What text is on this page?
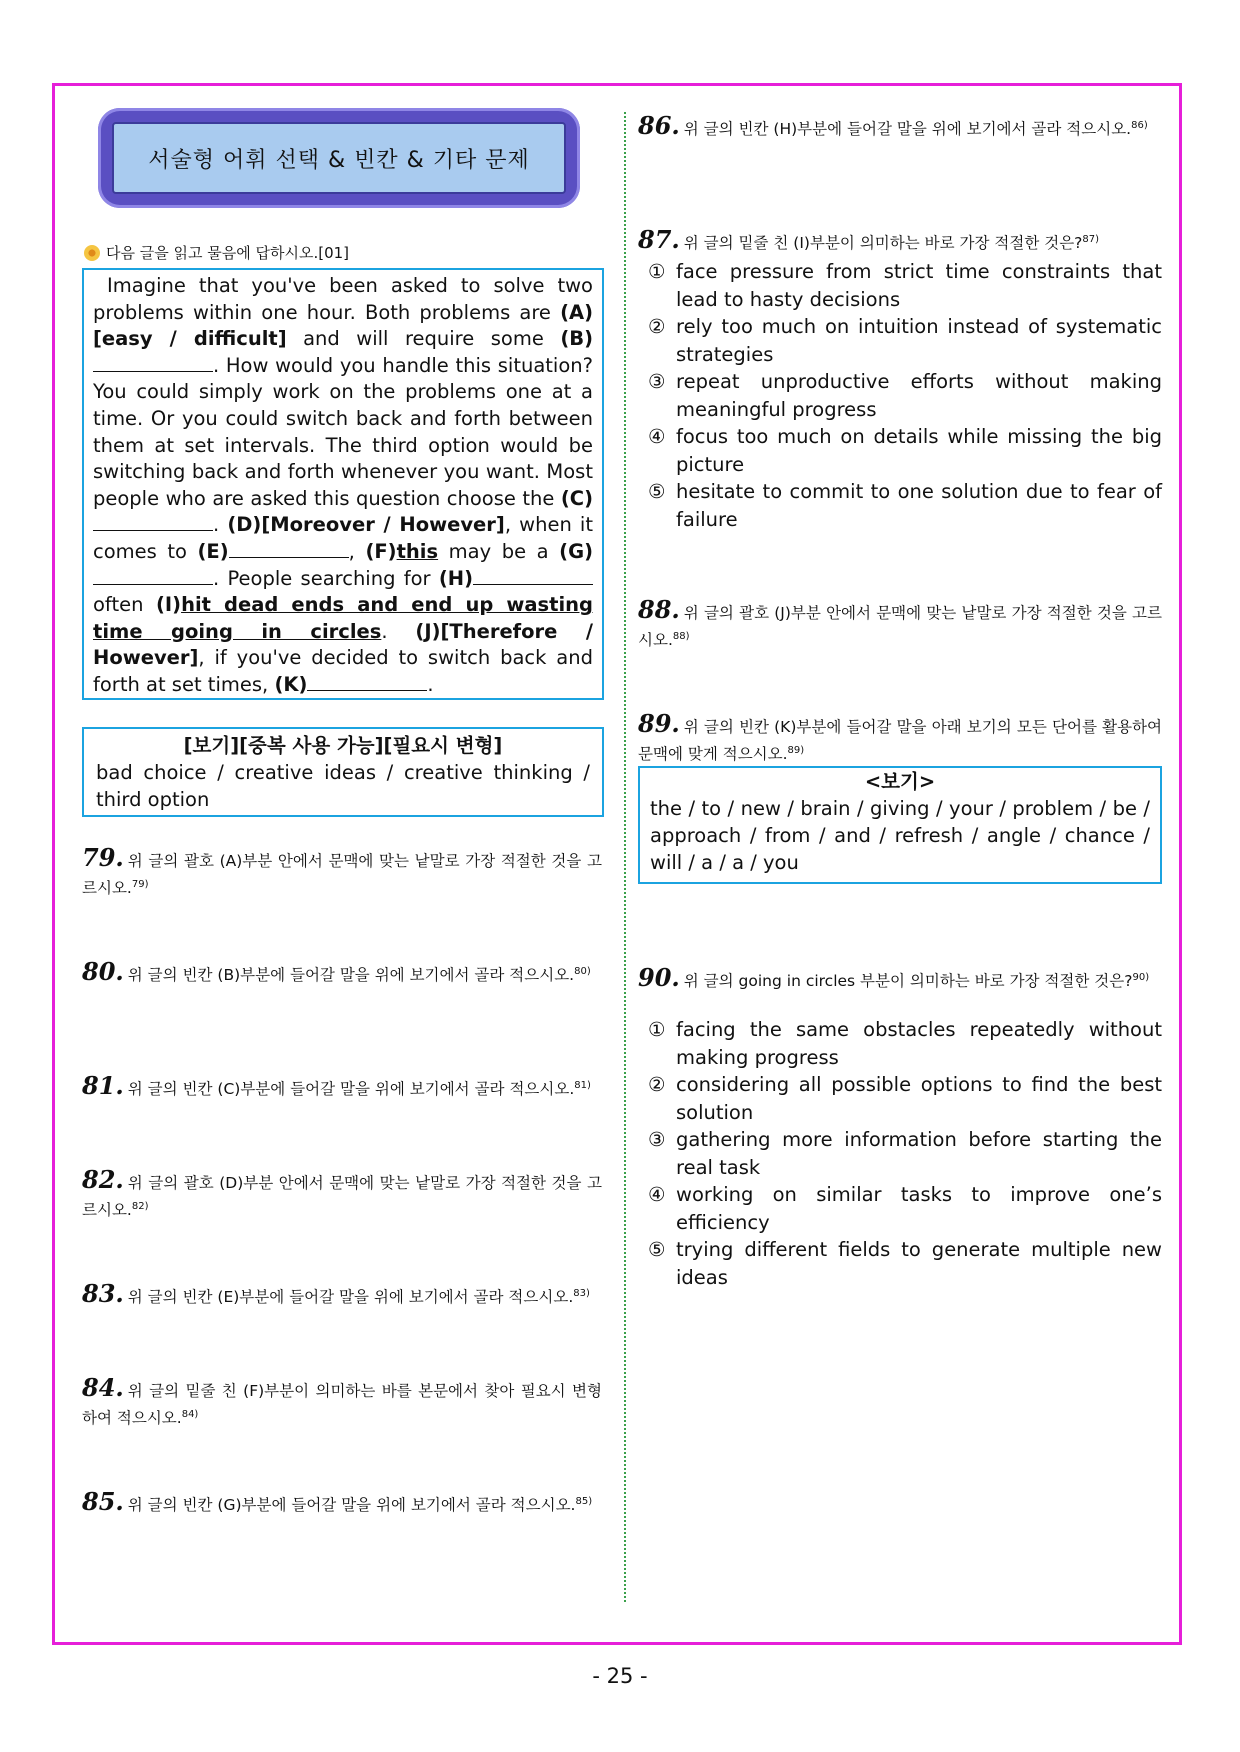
서술형 어휘 선택 & 빈칸 & 기타 문제
다음 글을 읽고 물음에 답하시오.[01]
Imagine that you've been asked to solve two problems within one hour. Both problems are (A)[easy / difficult] and will require some (B). How would you handle this situation? You could simply work on the problems one at a time. Or you could switch back and forth between them at set intervals. The third option would be switching back and forth whenever you want. Most people who are asked this question choose the (C). (D)[Moreover / However], when it comes to (E)	, (F)this may be a (G). People searching for (H) often (I)hit dead ends and end up wasting time going in circles. (J)[Therefore / However], if you've decided to switch back and forth at set times, (K)	.
[보기][중복 사용 가능][필요시 변형]
bad choice / creative ideas / creative thinking / third option
79. 위 글의 괄호 (A)부분 안에서 문맥에 맞는 낱말로 가장 적절한 것을 고르시오.$^{79)}$
80. 위 글의 빈칸 (B)부분에 들어갈 말을 위에 보기에서 골라 적으시오.$^{80)}$
81. 위 글의 빈칸 (C)부분에 들어갈 말을 위에 보기에서 골라 적으시오.$^{81)}$
82. 위 글의 괄호 (D)부분 안에서 문맥에 맞는 낱말로 가장 적절한 것을 고르시오.$^{82)}$
83. 위 글의 빈칸 (E)부분에 들어갈 말을 위에 보기에서 골라 적으시오.$^{83)}$
84. 위 글의 밑줄 친 (F)부분이 의미하는 바를 본문에서 찾아 필요시 변형하여 적으시오.$^{84)}$
85. 위 글의 빈칸 (G)부분에 들어갈 말을 위에 보기에서 골라 적으시오.$^{85)}$
86. 위 글의 빈칸 (H)부분에 들어갈 말을 위에 보기에서 골라 적으시오.$^{86)}$
87. 위 글의 밑줄 친 (I)부분이 의미하는 바로 가장 적절한 것은?$^{87)}$
① face pressure from strict time constraints that lead to hasty decisions
② rely too much on intuition instead of systematic strategies
③ repeat unproductive efforts without making meaningful progress
④ focus too much on details while missing the big picture
⑤ hesitate to commit to one solution due to fear of failure
88. 위 글의 괄호 (J)부분 안에서 문맥에 맞는 낱말로 가장 적절한 것을 고르시오.$^{88)}$
89. 위 글의 빈칸 (K)부분에 들어갈 말을 아래 보기의 모든 단어를 활용하여 문맥에 맞게 적으시오.$^{89)}$
<보기>
the / to / new / brain / giving / your / problem / be / approach / from / and / refresh / angle / chance / will / a / a / you
90. 위 글의 going in circles 부분이 의미하는 바로 가장 적절한 것은?$^{90)}$
① facing the same obstacles repeatedly without making progress
② considering all possible options to find the best solution
③ gathering more information before starting the real task
④ working on similar tasks to improve one’s efficiency
⑤ trying different fields to generate multiple new ideas
- 25 -
